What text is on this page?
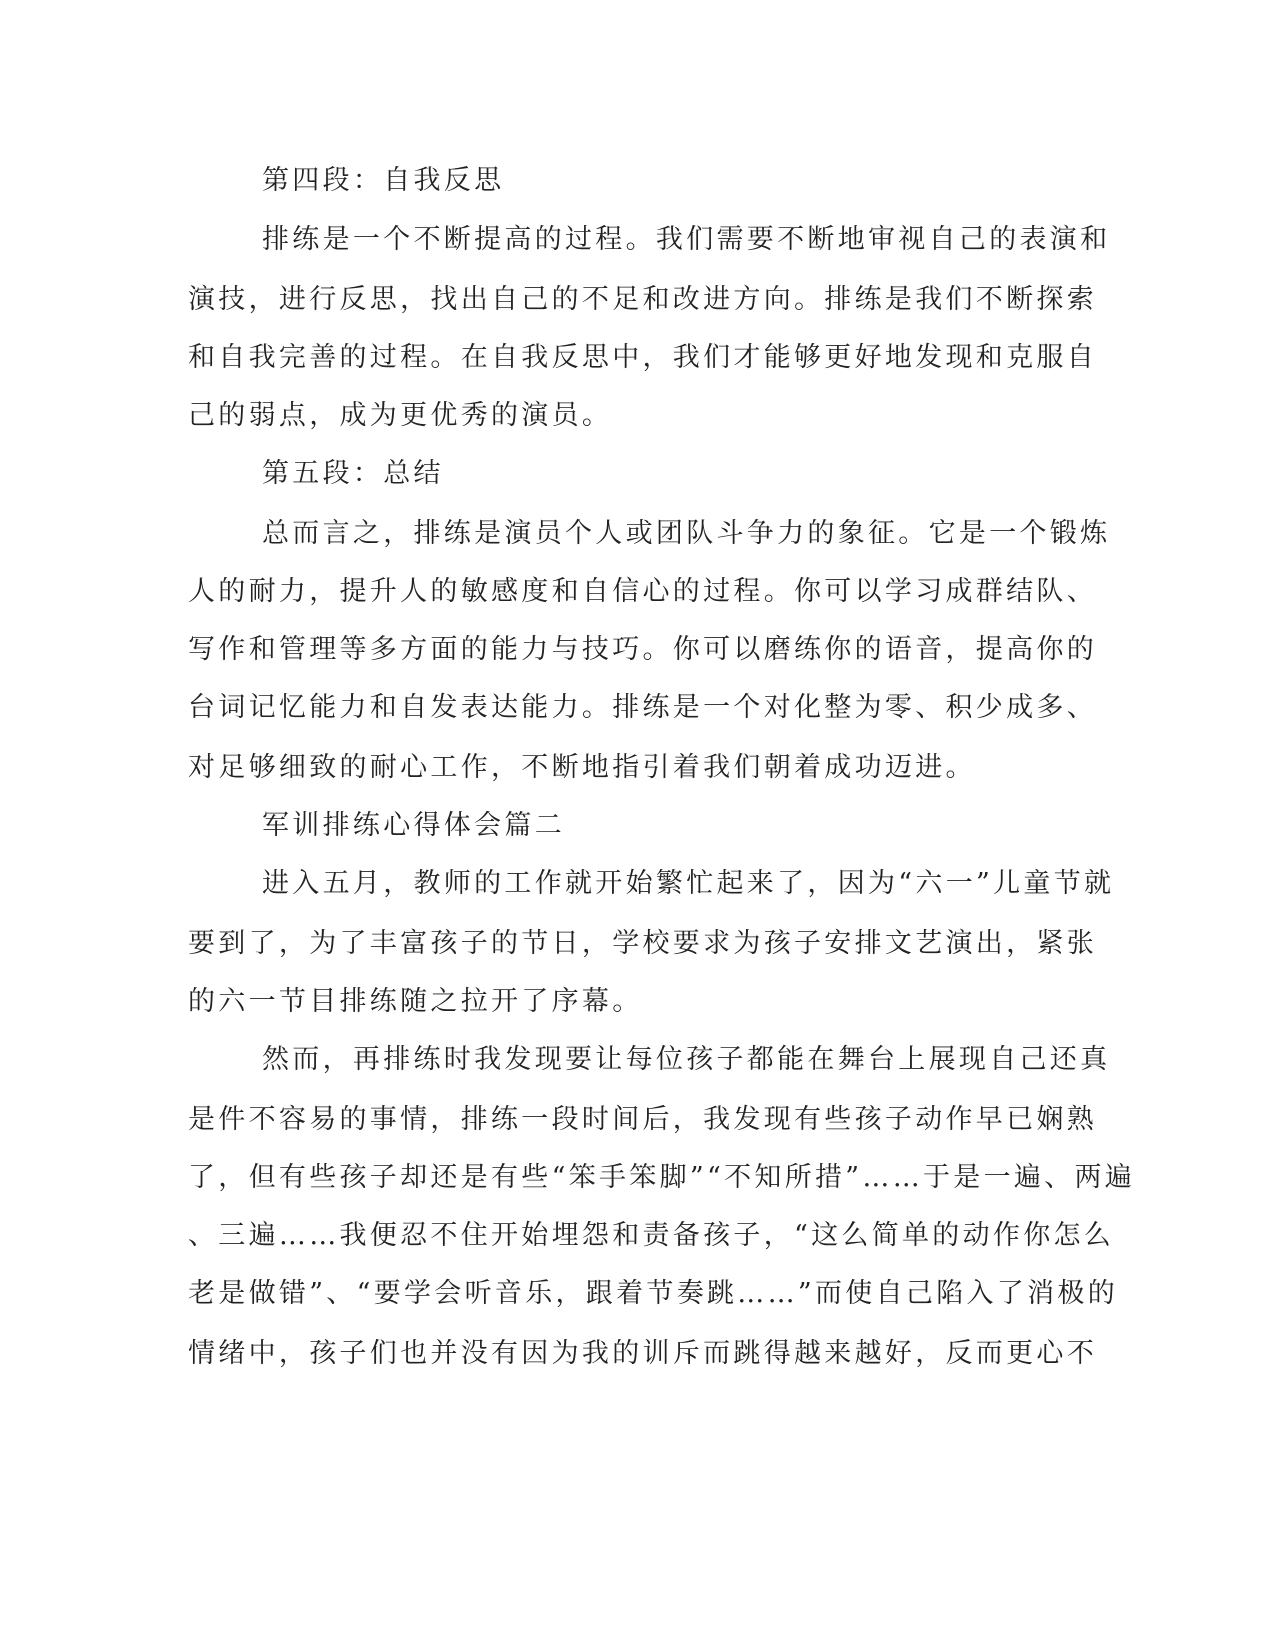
第四段：自我反思
排练是一个不断提高的过程。我们需要不断地审视自己的表演和
演技，进行反思，找出自己的不足和改进方向。排练是我们不断探索
和自我完善的过程。在自我反思中，我们才能够更好地发现和克服自
己的弱点，成为更优秀的演员。
第五段：总结
总而言之，排练是演员个人或团队斗争力的象征。它是一个锻炼
人的耐力，提升人的敏感度和自信心的过程。你可以学习成群结队、
写作和管理等多方面的能力与技巧。你可以磨练你的语音，提高你的
台词记忆能力和自发表达能力。排练是一个对化整为零、积少成多、
对足够细致的耐心工作，不断地指引着我们朝着成功迈进。
军训排练心得体会篇二
进入五月，教师的工作就开始繁忙起来了，因为“六一”儿童节就
要到了，为了丰富孩子的节日，学校要求为孩子安排文艺演出，紧张
的六一节目排练随之拉开了序幕。
然而，再排练时我发现要让每位孩子都能在舞台上展现自己还真
是件不容易的事情，排练一段时间后，我发现有些孩子动作早已娴熟
了，但有些孩子却还是有些“笨手笨脚”“不知所措”……于是一遍、两遍
、三遍……我便忍不住开始埋怨和责备孩子，“这么简单的动作你怎么
老是做错”、“要学会听音乐，跟着节奏跳……”而使自己陷入了消极的
情绪中，孩子们也并没有因为我的训斥而跳得越来越好，反而更心不
